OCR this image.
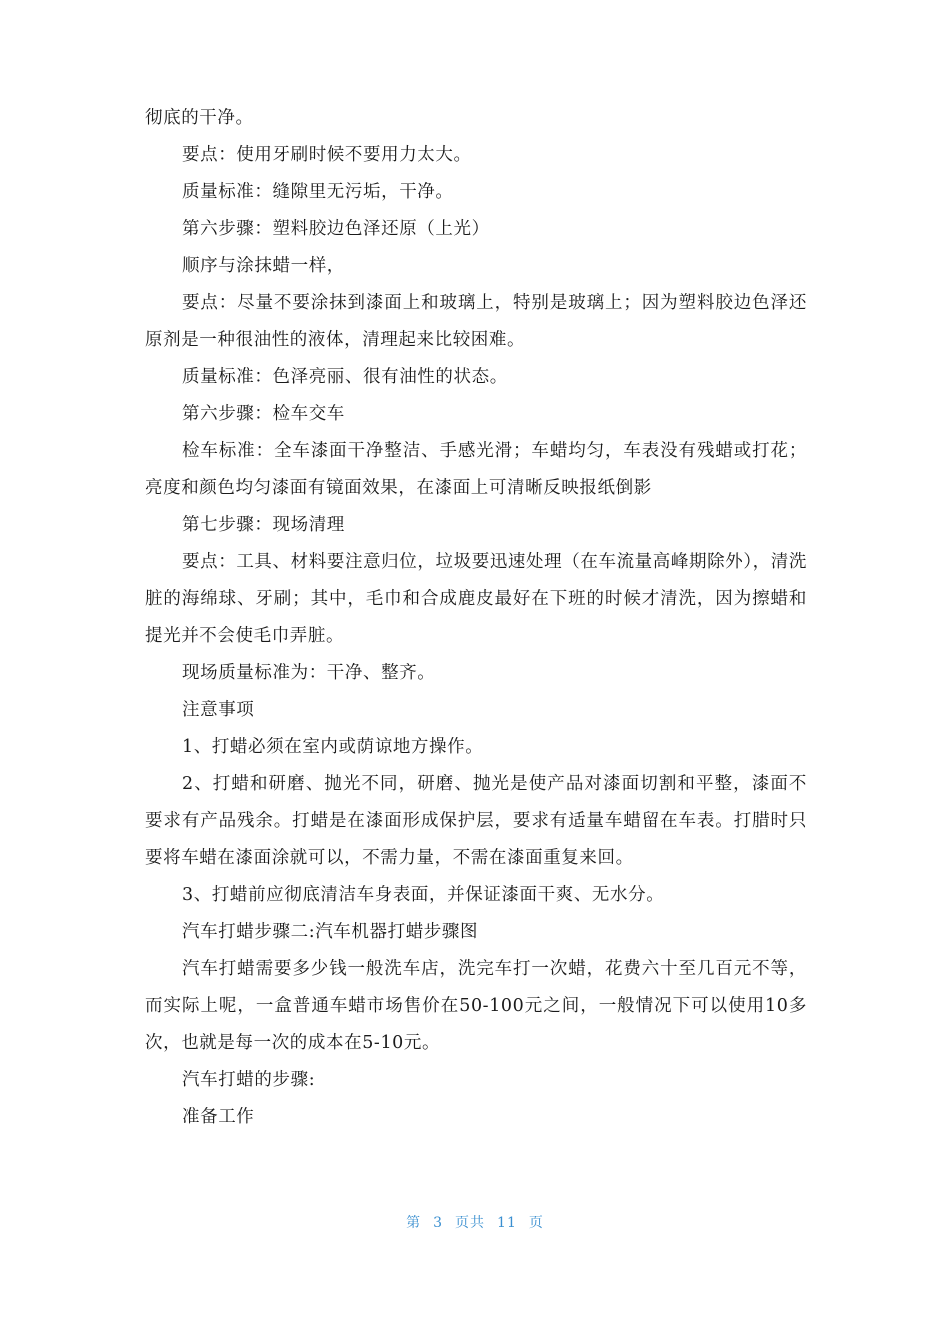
彻底的干净。

要点：使用牙刷时候不要用力太大。

质量标准：缝隙里无污垢，干净。

第六步骤：塑料胶边色泽还原（上光）

顺序与涂抹蜡一样，

要点：尽量不要涂抹到漆面上和玻璃上，特别是玻璃上；因为塑料胶边色泽还原剂是一种很油性的液体，清理起来比较困难。

质量标准：色泽亮丽、很有油性的状态。

第六步骤：检车交车

检车标准：全车漆面干净整洁、手感光滑；车蜡均匀，车表没有残蜡或打花；亮度和颜色均匀漆面有镜面效果，在漆面上可清晰反映报纸倒影

第七步骤：现场清理

要点：工具、材料要注意归位，垃圾要迅速处理（在车流量高峰期除外），清洗脏的海绵球、牙刷；其中，毛巾和合成鹿皮最好在下班的时候才清洗，因为擦蜡和提光并不会使毛巾弄脏。

现场质量标准为：干净、整齐。

注意事项

1、打蜡必须在室内或荫谅地方操作。

2、打蜡和研磨、抛光不同，研磨、抛光是使产品对漆面切割和平整，漆面不要求有产品残余。打蜡是在漆面形成保护层，要求有适量车蜡留在车表。打腊时只要将车蜡在漆面涂就可以，不需力量，不需在漆面重复来回。

3、打蜡前应彻底清洁车身表面，并保证漆面干爽、无水分。

汽车打蜡步骤二:汽车机器打蜡步骤图

汽车打蜡需要多少钱一般洗车店，洗完车打一次蜡，花费六十至几百元不等，而实际上呢，一盒普通车蜡市场售价在50-100元之间，一般情况下可以使用10多次，也就是每一次的成本在5-10元。

汽车打蜡的步骤:

准备工作

第 3 页共 11 页
